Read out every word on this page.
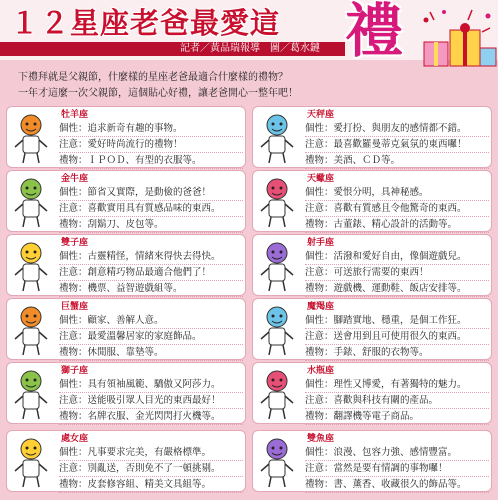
１２星座老爸最愛這	禮
記者／黃品瑞報導　圖／葛水鏈
下禮拜就是父親節，什麼樣的星座老爸最適合什麼樣的禮物？
一年才這麼一次父親節，這個貼心好禮，讓老爸開心一整年吧！
牡羊座
個性：追求新奇有趣的事物。
注意：愛好時尚流行的禮物！
禮物：ＩＰＯＤ、有型的衣服等。
天秤座
個性：愛打扮、與朋友的感情都不錯。
注意：最喜歡羅曼蒂克氣氛的東西囉！
禮物：美酒、ＣＤ等。
金牛座
個性：節省又實際，是動儉的爸爸！
注意：喜歡實用具有質感品味的東西。
禮物：刮鬍刀、皮包等。
天蠍座
個性：愛恨分明，具神秘感。
注意：喜歡有質感且令他驚奇的東西。
禮物：古董錶、精心設計的活動等。
雙子座
個性：古靈精怪，情緒來得快去得快。
注意：創意精巧物品最適合他們了！
禮物：機票、益智遊戲組等。
射手座
個性：活潑和愛好自由，像個遊戲兒。
注意：可送旅行需要的東西！
禮物：遊戲機、運動鞋、飯店安排等。
巨蟹座
個性：顧家、善解人意。
注意：最愛溫馨居家的家庭飾品。
禮物：休閒服、靠墊等。
魔羯座
個性：腳踏實地、穩重，是個工作狂。
注意：送會用到且可使用很久的東西。
禮物：手錶、舒服的衣物等。
獅子座
個性：具有領袖風範、驕傲又阿莎力。
注意：送能吸引眾人目光的東西最好！
禮物：名牌衣服、金光閃閃打火機等。
水瓶座
個性：理性又博愛，有著獨特的魅力。
注意：喜歡與科技有關的產品。
禮物：翻譯機等電子商品。
處女座
個性：凡事要求完美，有嚴格標準。
注意：別亂送，否則免不了一頓挑剔。
禮物：皮套修容組、精美文具組等。
雙魚座
個性：浪漫、包容力強、感情豐富。
注意：當然是要有情調的事物囉！
禮物：書、薰香、收藏很久的飾品等。
